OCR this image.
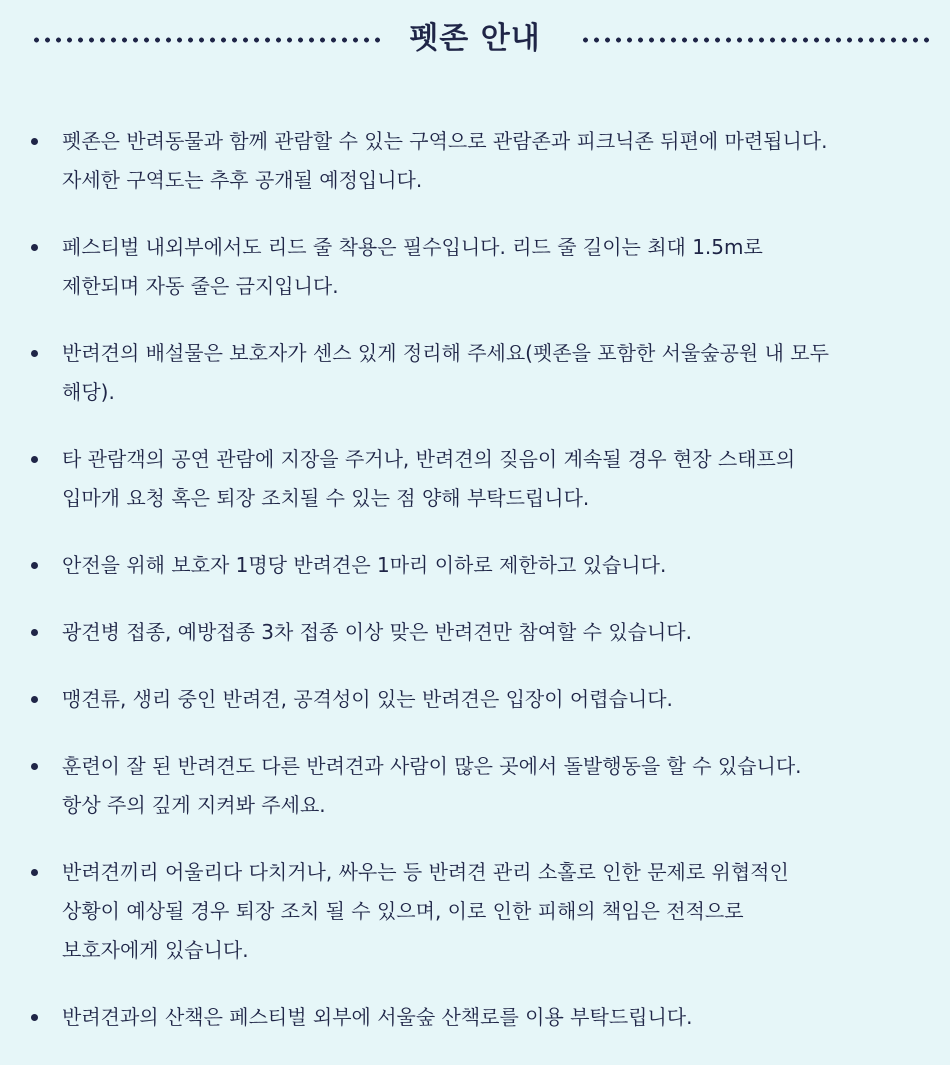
펫존 안내
펫존은 반려동물과 함께 관람할 수 있는 구역으로 관람존과 피크닉존 뒤편에 마련됩니다.
자세한 구역도는 추후 공개될 예정입니다.
페스티벌 내외부에서도 리드 줄 착용은 필수입니다. 리드 줄 길이는 최대 1.5m로
제한되며 자동 줄은 금지입니다.
반려견의 배설물은 보호자가 센스 있게 정리해 주세요(펫존을 포함한 서울숲공원 내 모두
해당).
타 관람객의 공연 관람에 지장을 주거나, 반려견의 짖음이 계속될 경우 현장 스태프의
입마개 요청 혹은 퇴장 조치될 수 있는 점 양해 부탁드립니다.
안전을 위해 보호자 1명당 반려견은 1마리 이하로 제한하고 있습니다.
광견병 접종, 예방접종 3차 접종 이상 맞은 반려견만 참여할 수 있습니다.
맹견류, 생리 중인 반려견, 공격성이 있는 반려견은 입장이 어렵습니다.
훈련이 잘 된 반려견도 다른 반려견과 사람이 많은 곳에서 돌발행동을 할 수 있습니다.
항상 주의 깊게 지켜봐 주세요.
반려견끼리 어울리다 다치거나, 싸우는 등 반려견 관리 소홀로 인한 문제로 위협적인
상황이 예상될 경우 퇴장 조치 될 수 있으며, 이로 인한 피해의 책임은 전적으로
보호자에게 있습니다.
반려견과의 산책은 페스티벌 외부에 서울숲 산책로를 이용 부탁드립니다.
